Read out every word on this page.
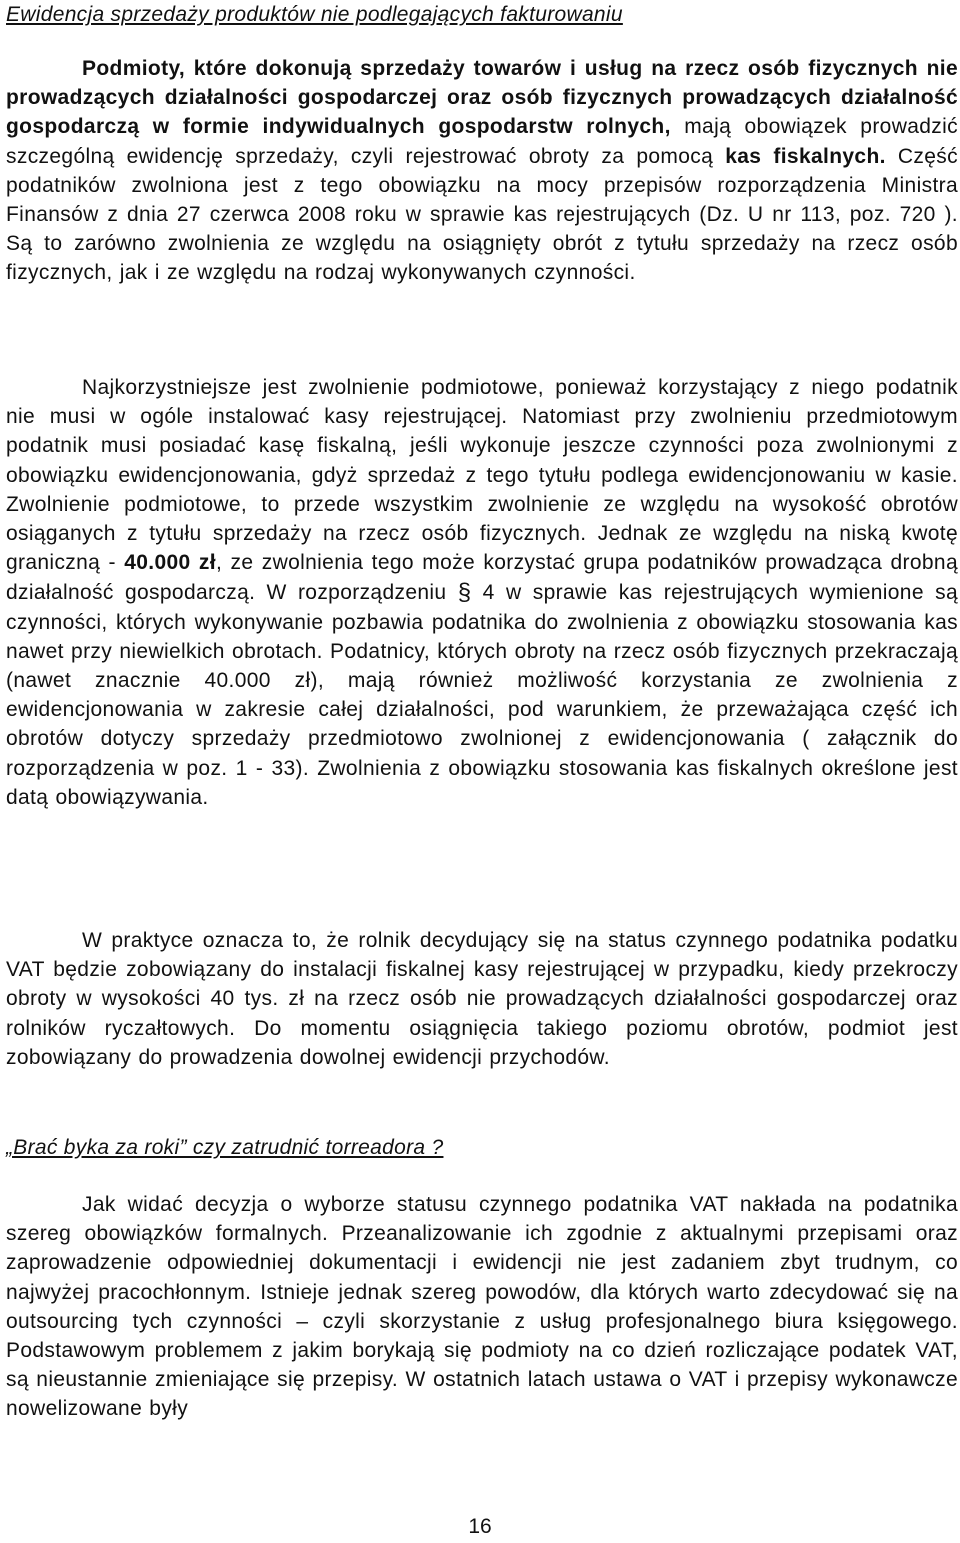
Ewidencja sprzedaży produktów nie podlegających fakturowaniu

Podmioty, które dokonują sprzedaży towarów i usług na rzecz osób fizycznych nie prowadzących działalności gospodarczej oraz osób fizycznych prowadzących działalność gospodarczą w formie indywidualnych gospodarstw rolnych, mają obowiązek prowadzić szczególną ewidencję sprzedaży, czyli rejestrować obroty za pomocą kas fiskalnych. Część podatników zwolniona jest z tego obowiązku na mocy przepisów rozporządzenia Ministra Finansów z dnia 27 czerwca 2008 roku w sprawie kas rejestrujących (Dz. U nr 113, poz. 720 ). Są to zarówno zwolnienia ze względu na osiągnięty obrót z tytułu sprzedaży na rzecz osób fizycznych, jak i ze względu na rodzaj wykonywanych czynności.

Najkorzystniejsze jest zwolnienie podmiotowe, ponieważ korzystający z niego podatnik nie musi w ogóle instalować kasy rejestrującej. Natomiast przy zwolnieniu przedmiotowym podatnik musi posiadać kasę fiskalną, jeśli wykonuje jeszcze czynności poza zwolnionymi z obowiązku ewidencjonowania, gdyż sprzedaż z tego tytułu podlega ewidencjonowaniu w kasie. Zwolnienie podmiotowe, to przede wszystkim zwolnienie ze względu na wysokość obrotów osiąganych z tytułu sprzedaży na rzecz osób fizycznych. Jednak ze względu na niską kwotę graniczną - 40.000 zł, ze zwolnienia tego może korzystać grupa podatników prowadząca drobną działalność gospodarczą. W rozporządzeniu § 4 w sprawie kas rejestrujących wymienione są czynności, których wykonywanie pozbawia podatnika do zwolnienia z obowiązku stosowania kas nawet przy niewielkich obrotach. Podatnicy, których obroty na rzecz osób fizycznych przekraczają (nawet znacznie 40.000 zł), mają również możliwość korzystania ze zwolnienia z ewidencjonowania w zakresie całej działalności, pod warunkiem, że przeważająca część ich obrotów dotyczy sprzedaży przedmiotowo zwolnionej z ewidencjonowania ( załącznik do rozporządzenia w poz. 1 - 33). Zwolnienia z obowiązku stosowania kas fiskalnych określone jest datą obowiązywania.

W praktyce oznacza to, że rolnik decydujący się na status czynnego podatnika podatku VAT będzie zobowiązany do instalacji fiskalnej kasy rejestrującej w przypadku, kiedy przekroczy obroty w wysokości 40 tys. zł na rzecz osób nie prowadzących działalności gospodarczej oraz rolników ryczałtowych. Do momentu osiągnięcia takiego poziomu obrotów, podmiot jest zobowiązany do prowadzenia dowolnej ewidencji przychodów.

„Brać byka za roki” czy zatrudnić torreadora ?

Jak widać decyzja o wyborze statusu czynnego podatnika VAT nakłada na podatnika szereg obowiązków formalnych. Przeanalizowanie ich zgodnie z aktualnymi przepisami oraz zaprowadzenie odpowiedniej dokumentacji i ewidencji nie jest zadaniem zbyt trudnym, co najwyżej pracochłonnym. Istnieje jednak szereg powodów, dla których warto zdecydować się na outsourcing tych czynności – czyli skorzystanie z usług profesjonalnego biura księgowego. Podstawowym problemem z jakim borykają się podmioty na co dzień rozliczające podatek VAT, są nieustannie zmieniające się przepisy. W ostatnich latach ustawa o VAT i przepisy wykonawcze nowelizowane były

16
